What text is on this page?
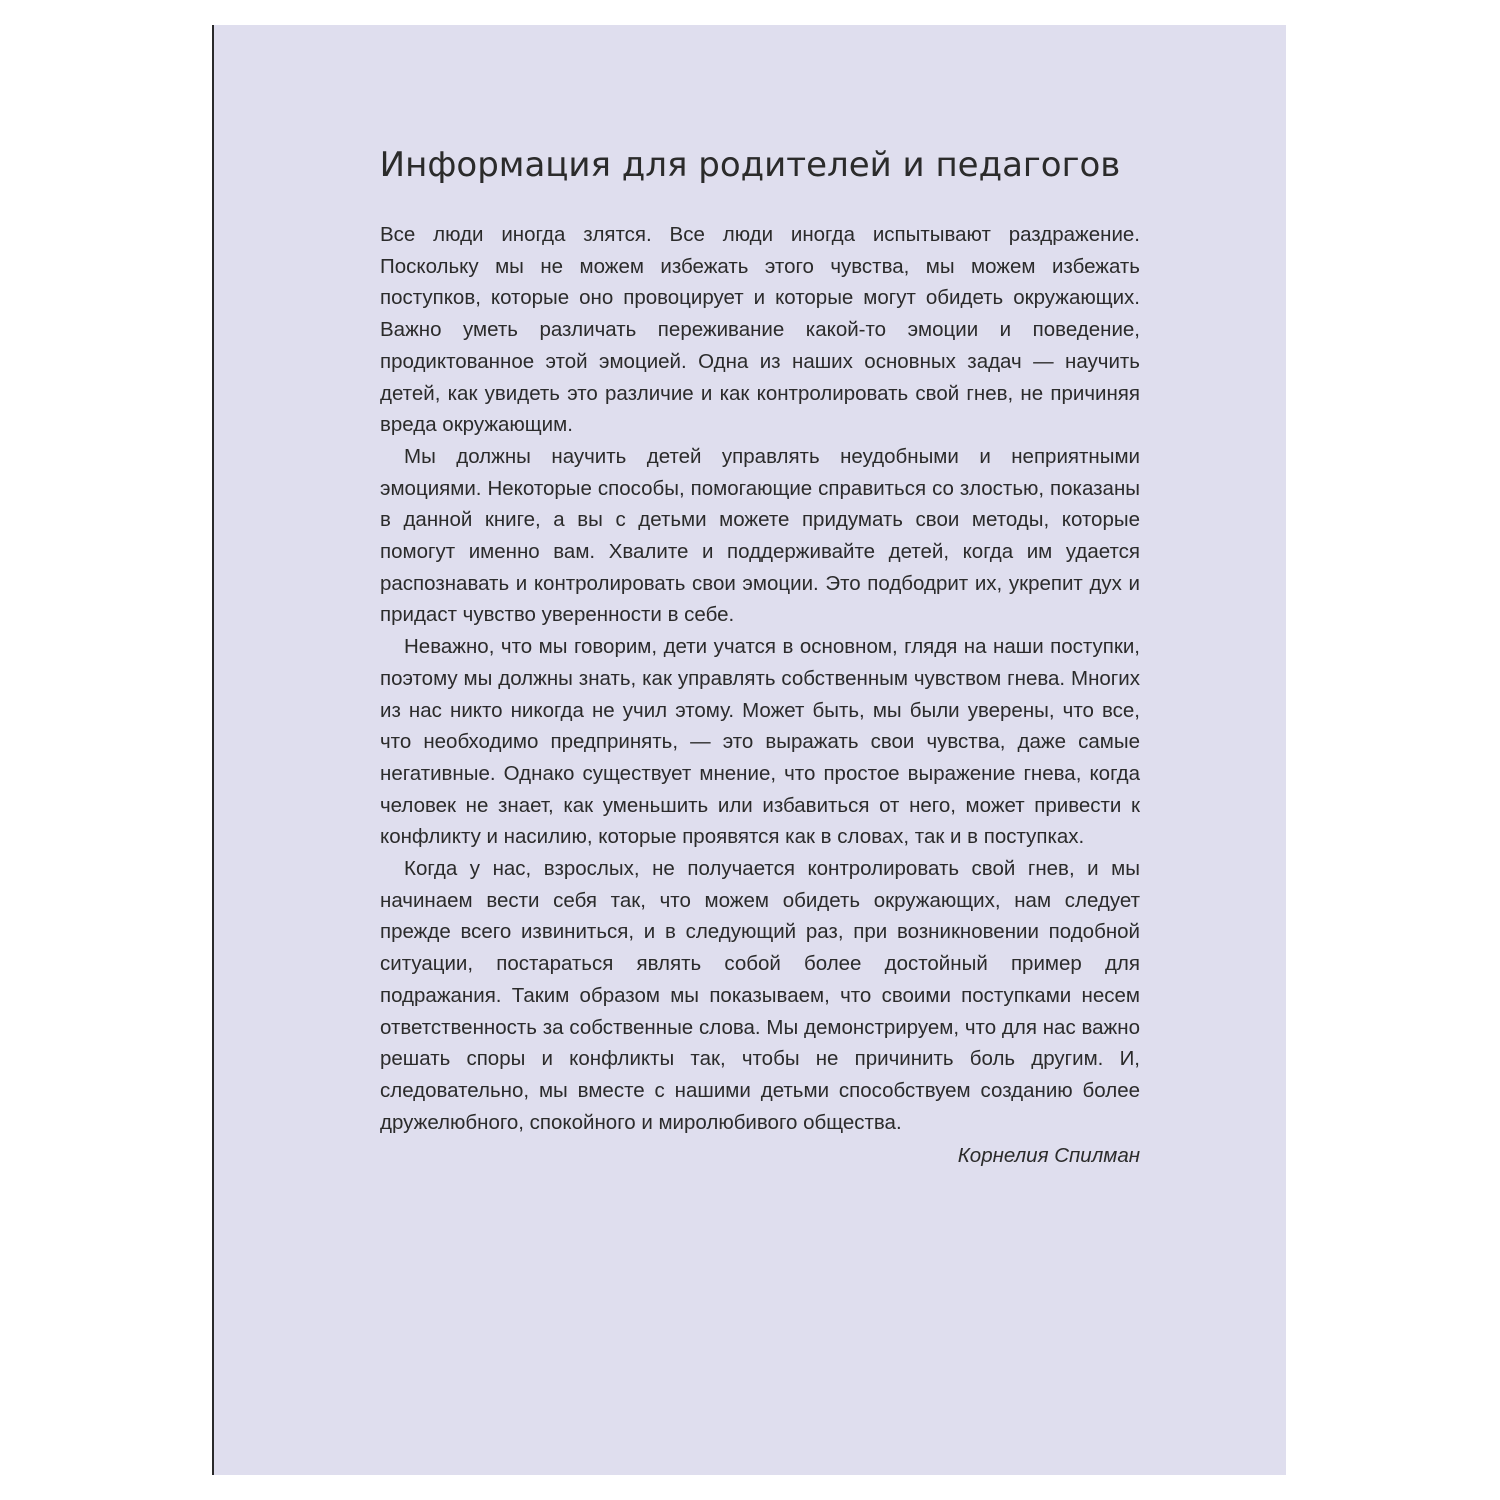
Информация для родителей и педагогов

Все люди иногда злятся. Все люди иногда испытывают раздражение. Поскольку мы не можем избежать этого чувства, мы можем избежать поступков, которые оно провоцирует и которые могут обидеть окружающих. Важно уметь различать переживание какой-то эмоции и поведение, продиктованное этой эмоцией. Одна из наших основных задач — научить детей, как увидеть это различие и как контролировать свой гнев, не причиняя вреда окружающим.

Мы должны научить детей управлять неудобными и неприятными эмоциями. Некоторые способы, помогающие справиться со злостью, показаны в данной книге, а вы с детьми можете придумать свои методы, которые помогут именно вам. Хвалите и поддерживайте детей, когда им удается распознавать и контролировать свои эмоции. Это подбодрит их, укрепит дух и придаст чувство уверенности в себе.

Неважно, что мы говорим, дети учатся в основном, глядя на наши поступки, поэтому мы должны знать, как управлять собственным чувством гнева. Многих из нас никто никогда не учил этому. Может быть, мы были уверены, что все, что необходимо предпринять, — это выражать свои чувства, даже самые негативные. Однако существует мнение, что простое выражение гнева, когда человек не знает, как уменьшить или избавиться от него, может привести к конфликту и насилию, которые проявятся как в словах, так и в поступках.

Когда у нас, взрослых, не получается контролировать свой гнев, и мы начинаем вести себя так, что можем обидеть окружающих, нам следует прежде всего извиниться, и в следующий раз, при возникновении подобной ситуации, постараться являть собой более достойный пример для подражания. Таким образом мы показываем, что своими поступками несем ответственность за собственные слова. Мы демонстрируем, что для нас важно решать споры и конфликты так, чтобы не причинить боль другим. И, следовательно, мы вместе с нашими детьми способствуем созданию более дружелюбного, спокойного и миролюбивого общества.

Корнелия Спилман
